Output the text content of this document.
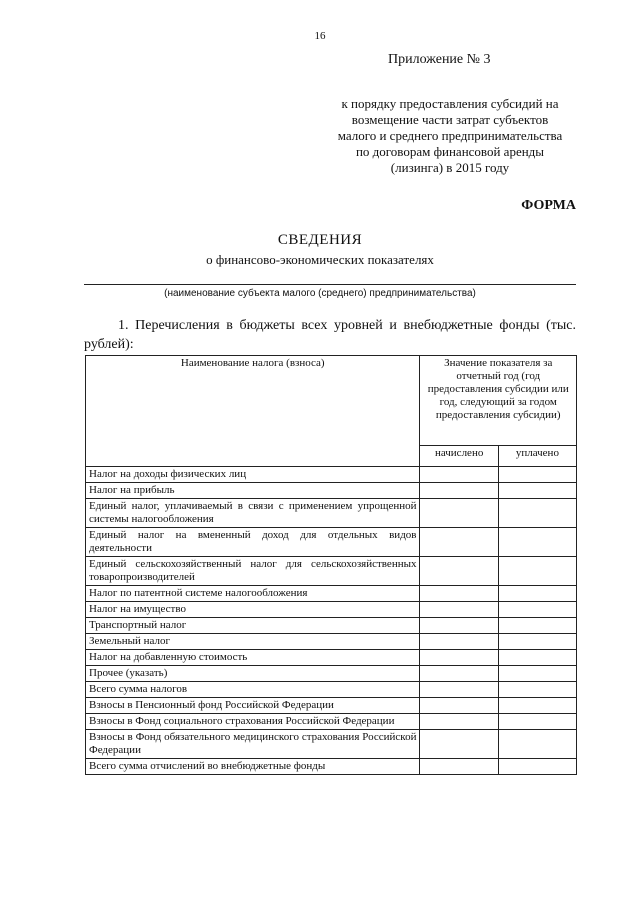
16
Приложение № 3
к порядку предоставления субсидий на
возмещение части затрат субъектов
малого и среднего предпринимательства
по договорам финансовой аренды
(лизинга) в 2015 году
ФОРМА
СВЕДЕНИЯ
о финансово-экономических показателях
(наименование субъекта малого (среднего) предпринимательства)
1. Перечисления в бюджеты всех уровней и внебюджетные фонды (тыс. рублей):
Наименование налога (взноса)	Значение показателя за отчетный год (год предоставления субсидии или год, следующий за годом предоставления субсидии)	
	начислено	уплачено
Налог на доходы физических лиц		
Налог на прибыль		
Единый налог, уплачиваемый в связи с применением упрощенной системы налогообложения		
Единый налог на вмененный доход для отдельных видов деятельности		
Единый сельскохозяйственный налог для сельскохозяйственных товаропроизводителей		
Налог по патентной системе налогообложения		
Налог на имущество		
Транспортный налог		
Земельный налог		
Налог на добавленную стоимость		
Прочее (указать)		
Всего сумма налогов		
Взносы в Пенсионный фонд Российской Федерации		
Взносы в Фонд социального страхования Российской Федерации		
Взносы в Фонд обязательного медицинского страхования Российской Федерации		
Всего сумма отчислений во внебюджетные фонды		
